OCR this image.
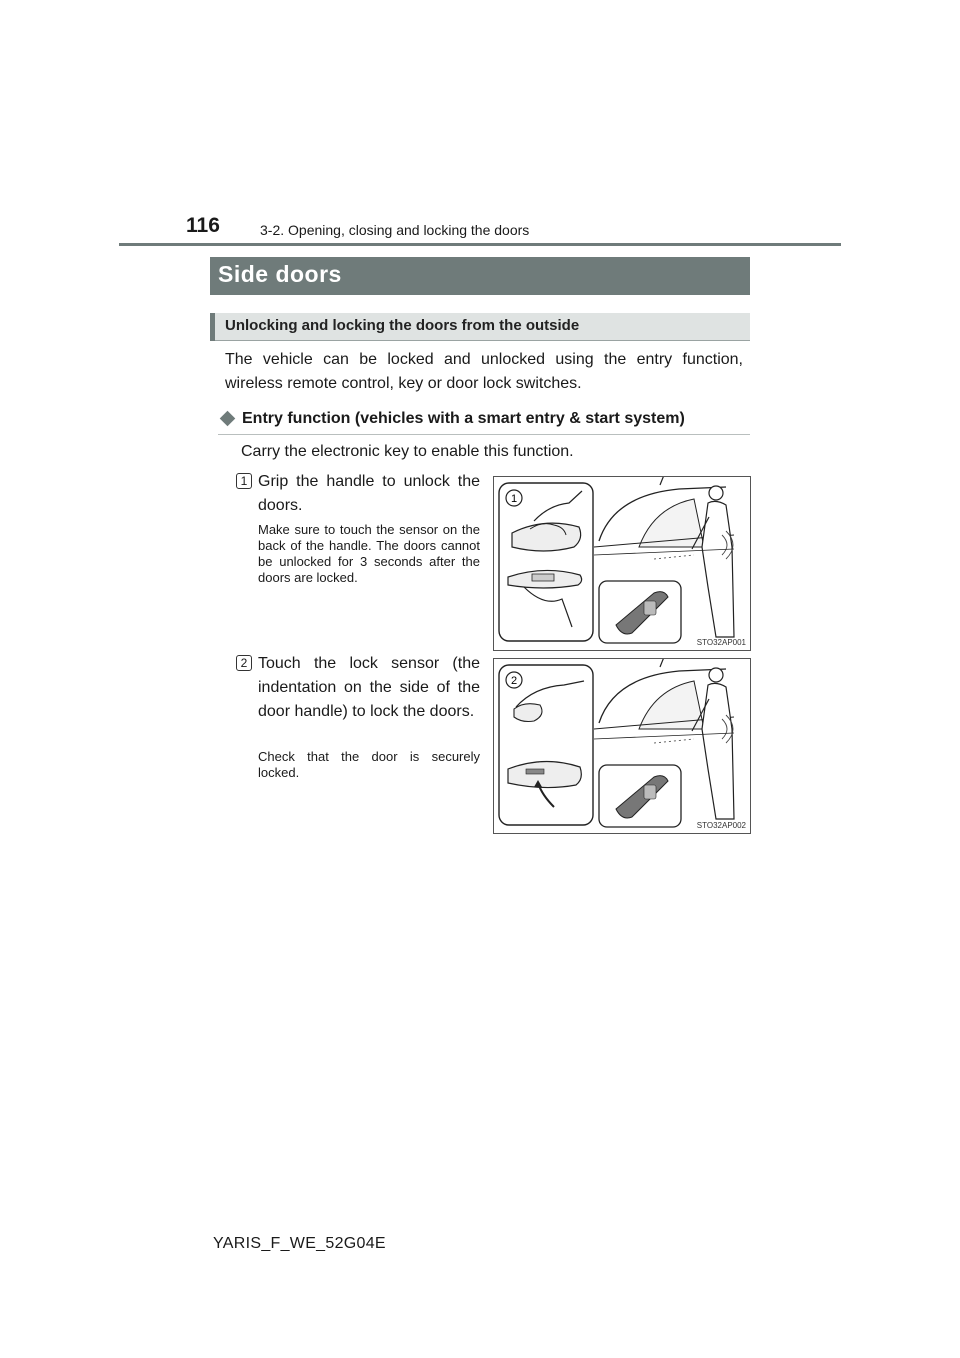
116	3-2. Opening, closing and locking the doors
Side doors
Unlocking and locking the doors from the outside
The vehicle can be locked and unlocked using the entry function, wireless remote control, key or door lock switches.
Entry function (vehicles with a smart entry & start system)
Carry the electronic key to enable this function.
1 Grip the handle to unlock the doors.
Make sure to touch the sensor on the back of the handle. The doors cannot be unlocked for 3 seconds after the doors are locked.
1
STO32AP001
2 Touch the lock sensor (the indentation on the side of the door handle) to lock the doors.
Check that the door is securely locked.
2
STO32AP002
YARIS_F_WE_52G04E
